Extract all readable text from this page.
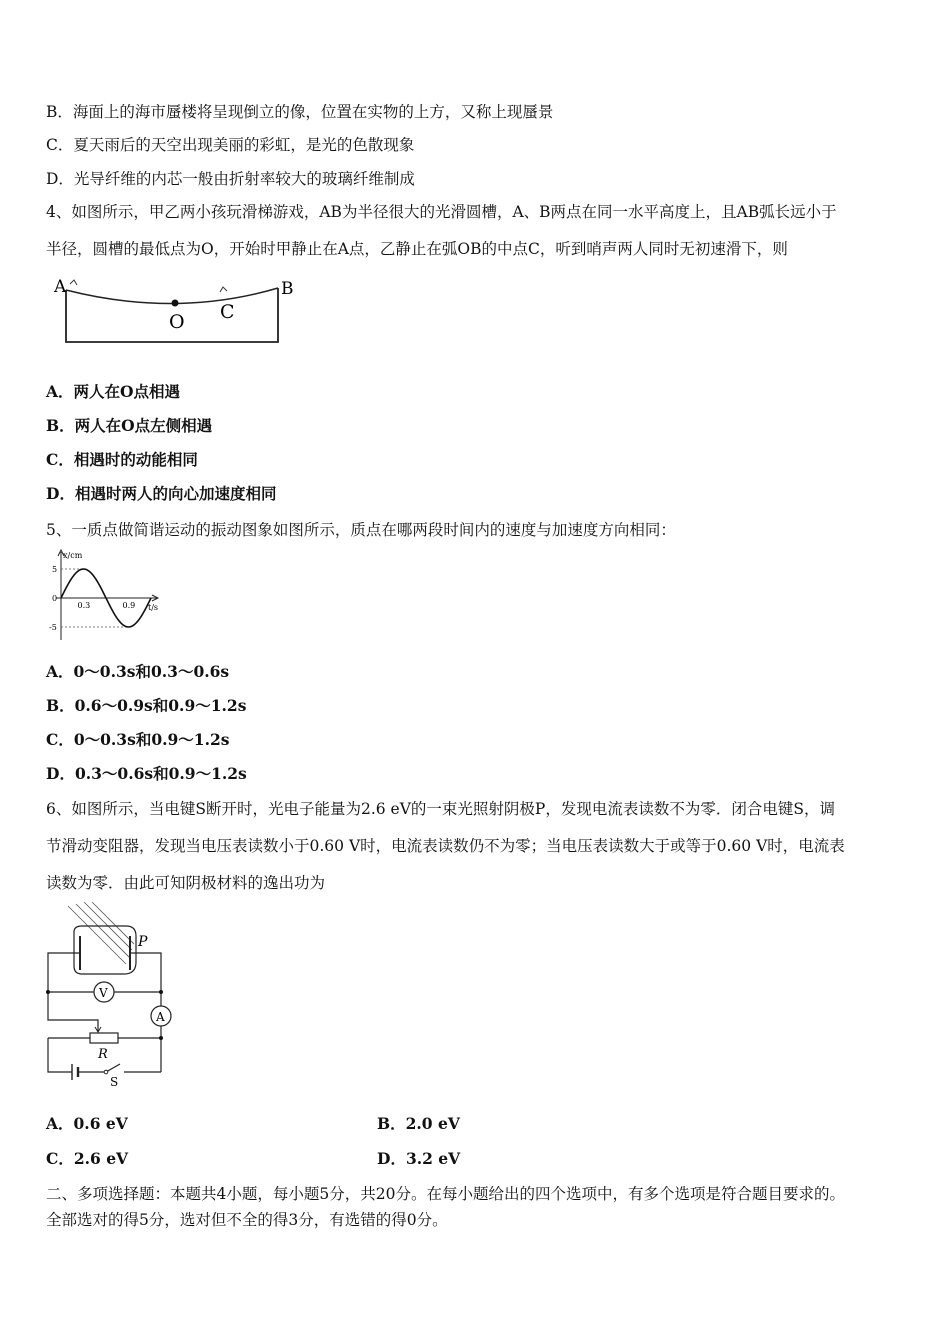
B．海面上的海市蜃楼将呈现倒立的像，位置在实物的上方，又称上现蜃景
C．夏天雨后的天空出现美丽的彩虹，是光的色散现象
D．光导纤维的内芯一般由折射率较大的玻璃纤维制成
4、如图所示，甲乙两小孩玩滑梯游戏，AB为半径很大的光滑圆槽，A、B两点在同一水平高度上，且AB弧长远小于
半径，圆槽的最低点为O，开始时甲静止在A点，乙静止在弧OB的中点C，听到哨声两人同时无初速滑下，则
A	B
O C
A．两人在O点相遇
B．两人在O点左侧相遇
C．相遇时的动能相同
D．相遇时两人的向心加速度相同
5、一质点做简谐运动的振动图象如图所示，质点在哪两段时间内的速度与加速度方向相同：
x/cm
t/s
5
0
-5
0.3	0.9
A．0～0.3s和0.3～0.6s
B．0.6～0.9s和0.9～1.2s
C．0～0.3s和0.9～1.2s
D．0.3～0.6s和0.9～1.2s
6、如图所示，当电键S断开时，光电子能量为2.6 eV的一束光照射阴极P，发现电流表读数不为零．闭合电键S，调
节滑动变阻器，发现当电压表读数小于0.60 V时，电流表读数仍不为零；当电压表读数大于或等于0.60 V时，电流表
读数为零．由此可知阴极材料的逸出功为
P
V
A
R
S
A．0.6 eV	B．2.0 eV
C．2.6 eV	D．3.2 eV
二、多项选择题：本题共4小题，每小题5分，共20分。在每小题给出的四个选项中，有多个选项是符合题目要求的。
全部选对的得5分，选对但不全的得3分，有选错的得0分。
